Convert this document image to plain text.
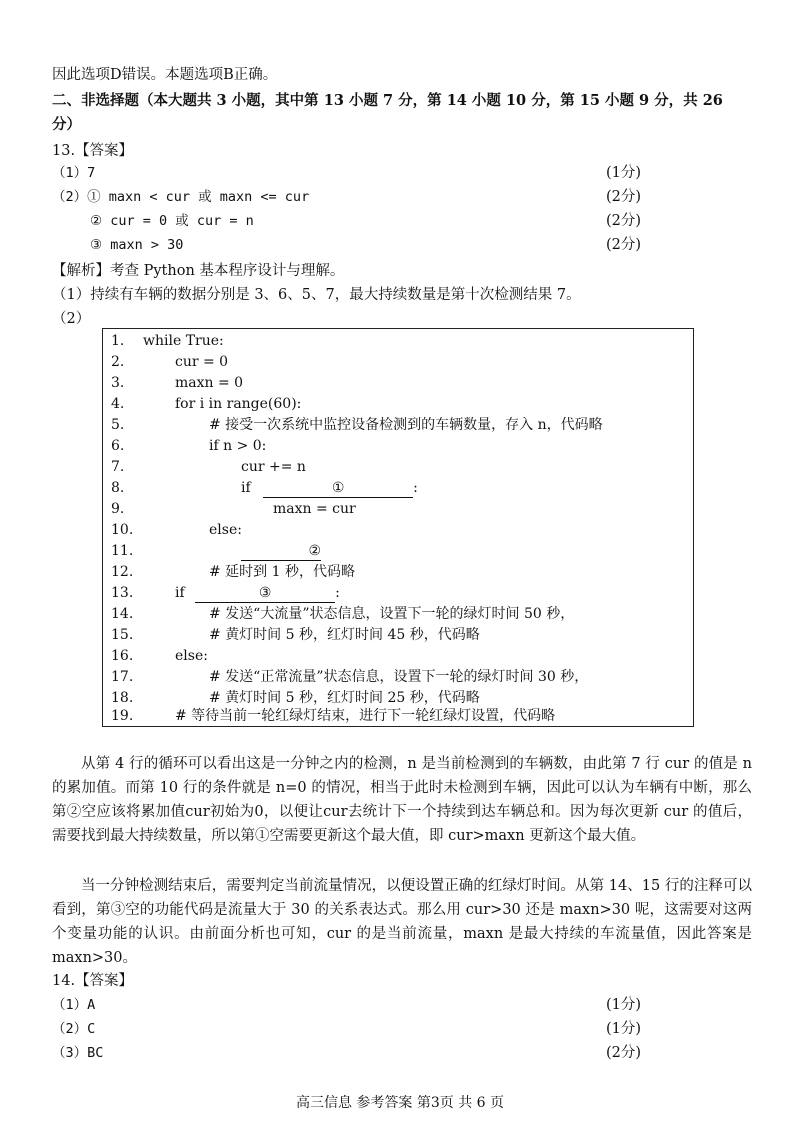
因此选项D错误。本题选项B正确。
二、非选择题（本大题共 3 小题，其中第 13 小题 7 分，第 14 小题 10 分，第 15 小题 9 分，共 26
分）
13.【答案】
（1）7	(1分)
（2）① maxn < cur 或 maxn <= cur	(2分)
② cur = 0 或 cur = n	(2分)
③ maxn > 30	(2分)
【解析】考查 Python 基本程序设计与理解。
（1）持续有车辆的数据分别是 3、6、5、7，最大持续数量是第十次检测结果 7。
（2）
1. while True:
2.	cur = 0
3.	maxn = 0
4.	for i in range(60):
5.	# 接受一次系统中监控设备检测到的车辆数量，存入 n，代码略
6.	if n > 0:
7.	cur += n
8.	if	①	:
9.	maxn = cur
10.	else:
11.	②
12.	# 延时到 1 秒，代码略
13.	if	③	:
14.	# 发送“大流量”状态信息，设置下一轮的绿灯时间 50 秒，
15.	# 黄灯时间 5 秒，红灯时间 45 秒，代码略
16.	else:
17.	# 发送“正常流量”状态信息，设置下一轮的绿灯时间 30 秒，
18.	# 黄灯时间 5 秒，红灯时间 25 秒，代码略
19.	# 等待当前一轮红绿灯结束，进行下一轮红绿灯设置，代码略

从第 4 行的循环可以看出这是一分钟之内的检测，n 是当前检测到的车辆数，由此第 7 行 cur 的值是 n 的累加值。而第 10 行的条件就是 n=0 的情况，相当于此时未检测到车辆，因此可以认为车辆有中断，那么第②空应该将累加值cur初始为0，以便让cur去统计下一个持续到达车辆总和。因为每次更新 cur 的值后，需要找到最大持续数量，所以第①空需要更新这个最大值，即 cur>maxn 更新这个最大值。

当一分钟检测结束后，需要判定当前流量情况，以便设置正确的红绿灯时间。从第 14、15 行的注释可以看到，第③空的功能代码是流量大于 30 的关系表达式。那么用 cur>30 还是 maxn>30 呢，这需要对这两个变量功能的认识。由前面分析也可知，cur 的是当前流量，maxn 是最大持续的车流量值，因此答案是 maxn>30。

14.【答案】
（1）A	(1分)
（2）C	(1分)
（3）BC	(2分)
高三信息 参考答案 第3页 共 6 页
